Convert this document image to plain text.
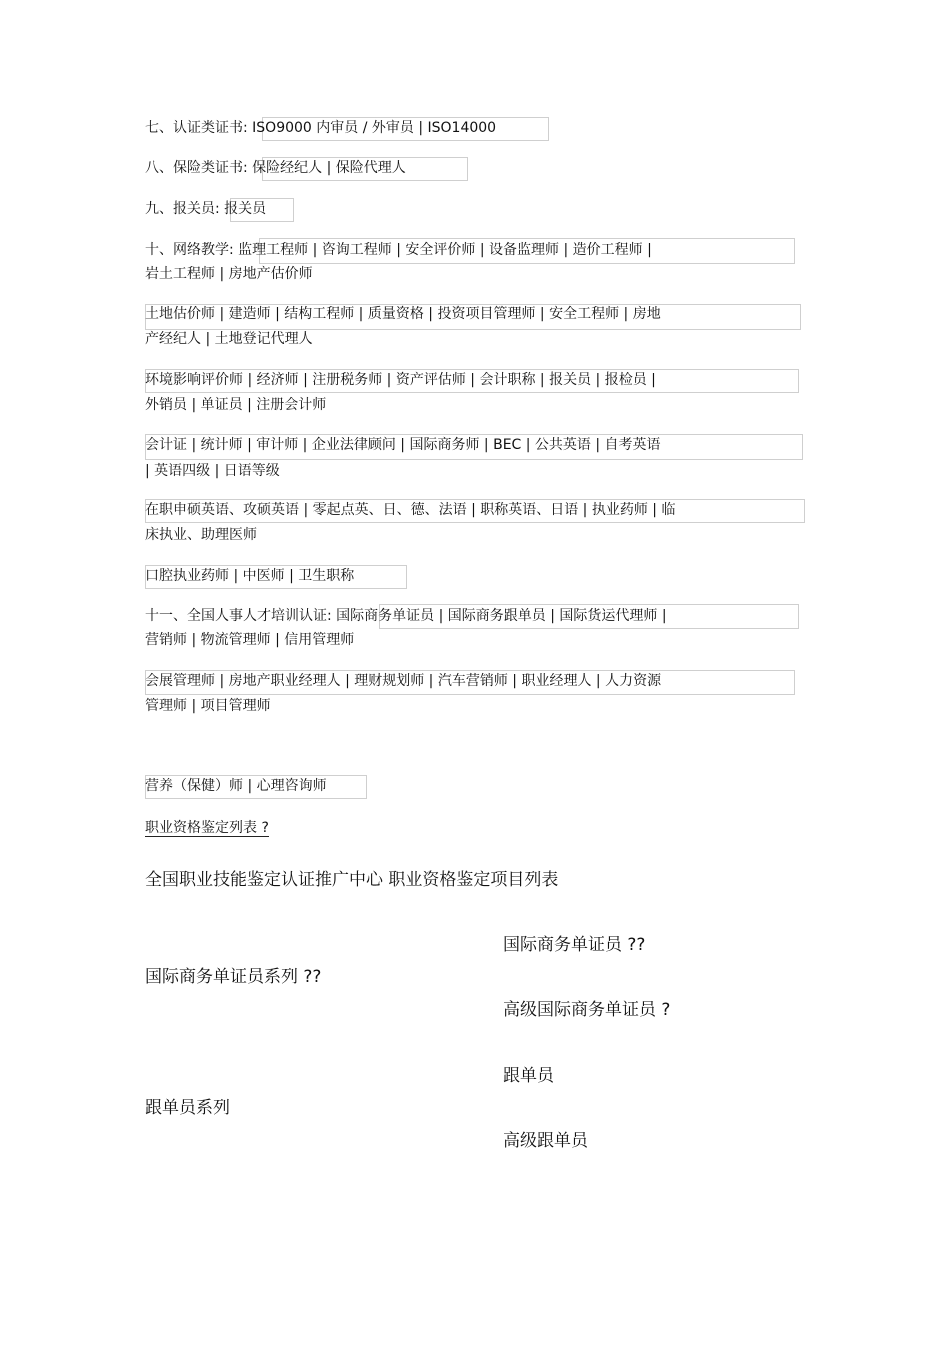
七、认证类证书: ISO9000 内审员 / 外审员 | ISO14000
八、保险类证书: 保险经纪人 | 保险代理人
九、报关员: 报关员
十、网络教学: 监理工程师 | 咨询工程师 | 安全评价师 | 设备监理师 | 造价工程师 |
岩土工程师 | 房地产估价师
土地估价师 | 建造师 | 结构工程师 | 质量资格 | 投资项目管理师 | 安全工程师 | 房地
产经纪人 | 土地登记代理人
环境影响评价师 | 经济师 | 注册税务师 | 资产评估师 | 会计职称 | 报关员 | 报检员 |
外销员 | 单证员 | 注册会计师
会计证 | 统计师 | 审计师 | 企业法律顾问 | 国际商务师 | BEC | 公共英语 | 自考英语
| 英语四级 | 日语等级
在职申硕英语、攻硕英语 | 零起点英、日、德、法语 | 职称英语、日语 | 执业药师 | 临
床执业、助理医师
口腔执业药师 | 中医师 | 卫生职称
十一、全国人事人才培训认证: 国际商务单证员 | 国际商务跟单员 | 国际货运代理师 |
营销师 | 物流管理师 | 信用管理师
会展管理师 | 房地产职业经理人 | 理财规划师 | 汽车营销师 | 职业经理人 | 人力资源
管理师 | 项目管理师
营养（保健）师 | 心理咨询师
职业资格鉴定列表 ?
全国职业技能鉴定认证推广中心 职业资格鉴定项目列表
国际商务单证员 ??
国际商务单证员系列 ??
高级国际商务单证员 ?
跟单员
跟单员系列
高级跟单员
